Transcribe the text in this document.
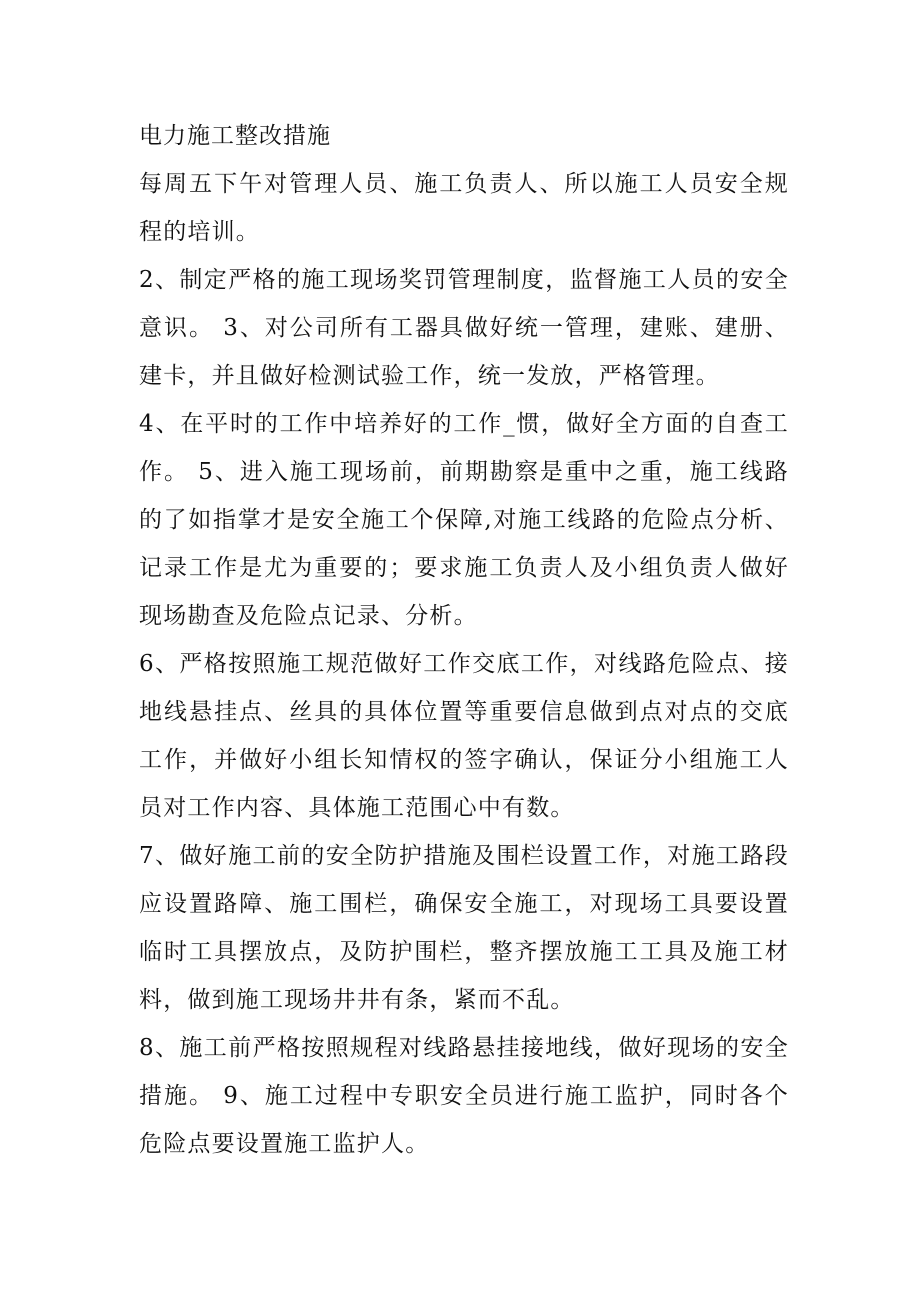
电力施工整改措施

每周五下午对管理人员、施工负责人、所以施工人员安全规程的培训。

2、制定严格的施工现场奖罚管理制度，监督施工人员的安全意识。 3、对公司所有工器具做好统一管理，建账、建册、建卡，并且做好检测试验工作，统一发放，严格管理。

4、在平时的工作中培养好的工作_惯，做好全方面的自查工作。 5、进入施工现场前，前期勘察是重中之重，施工线路的了如指掌才是安全施工个保障,对施工线路的危险点分析、记录工作是尤为重要的；要求施工负责人及小组负责人做好现场勘查及危险点记录、分析。

6、严格按照施工规范做好工作交底工作，对线路危险点、接地线悬挂点、丝具的具体位置等重要信息做到点对点的交底工作，并做好小组长知情权的签字确认，保证分小组施工人员对工作内容、具体施工范围心中有数。

7、做好施工前的安全防护措施及围栏设置工作，对施工路段应设置路障、施工围栏，确保安全施工，对现场工具要设置临时工具摆放点，及防护围栏，整齐摆放施工工具及施工材料，做到施工现场井井有条，紧而不乱。

8、施工前严格按照规程对线路悬挂接地线，做好现场的安全措施。 9、施工过程中专职安全员进行施工监护，同时各个危险点要设置施工监护人。
